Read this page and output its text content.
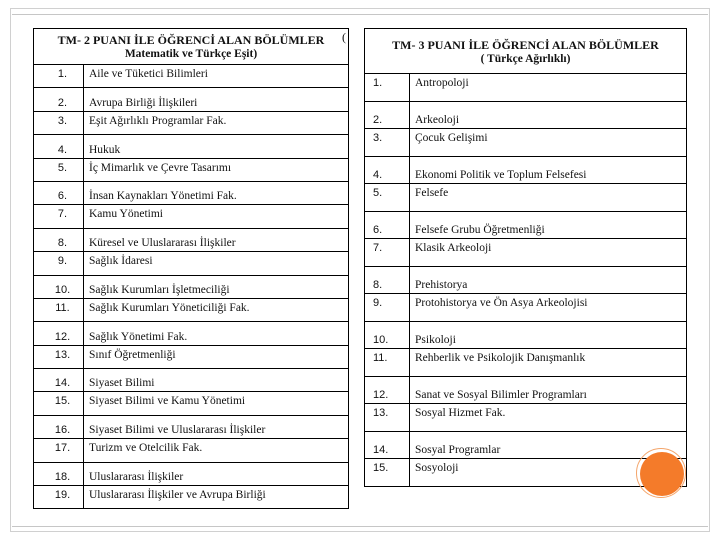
TM- 2 PUANI İLE ÖĞRENCİ ALAN BÖLÜMLER
Matematik ve Türkçe Eşit)	

1.	Aile ve Tüketici Bilimleri
2.	Avrupa Birliği İlişkileri
3.	Eşit Ağırlıklı Programlar Fak.
4.	Hukuk
5.	İç Mimarlık ve Çevre Tasarımı
6.	İnsan Kaynakları Yönetimi Fak.
7.	Kamu Yönetimi
8.	Küresel ve Uluslararası İlişkiler
9.	Sağlık İdaresi
10.	Sağlık Kurumları İşletmeciliği
11.	Sağlık Kurumları Yöneticiliği Fak.
12.	Sağlık Yönetimi Fak.
13.	Sınıf Öğretmenliği
14.	Siyaset Bilimi
15.	Siyaset Bilimi ve Kamu Yönetimi
16.	Siyaset Bilimi ve Uluslararası İlişkiler
17.	Turizm ve Otelcilik Fak.
18.	Uluslararası İlişkiler
19.	Uluslararası İlişkiler ve Avrupa Birliği
(
TM- 3 PUANI İLE ÖĞRENCİ ALAN BÖLÜMLER
( Türkçe Ağırlıklı)	

1.	Antropoloji
2.	Arkeoloji
3.	Çocuk Gelişimi
4.	Ekonomi Politik ve Toplum Felsefesi
5.	Felsefe
6.	Felsefe Grubu Öğretmenliği
7.	Klasik Arkeoloji
8.	Prehistorya
9.	Protohistorya ve Ön Asya Arkeolojisi
10.	Psikoloji
11.	Rehberlik ve Psikolojik Danışmanlık
12.	Sanat ve Sosyal Bilimler Programları
13.	Sosyal Hizmet Fak.
14.	Sosyal Programlar
15.	Sosyoloji
